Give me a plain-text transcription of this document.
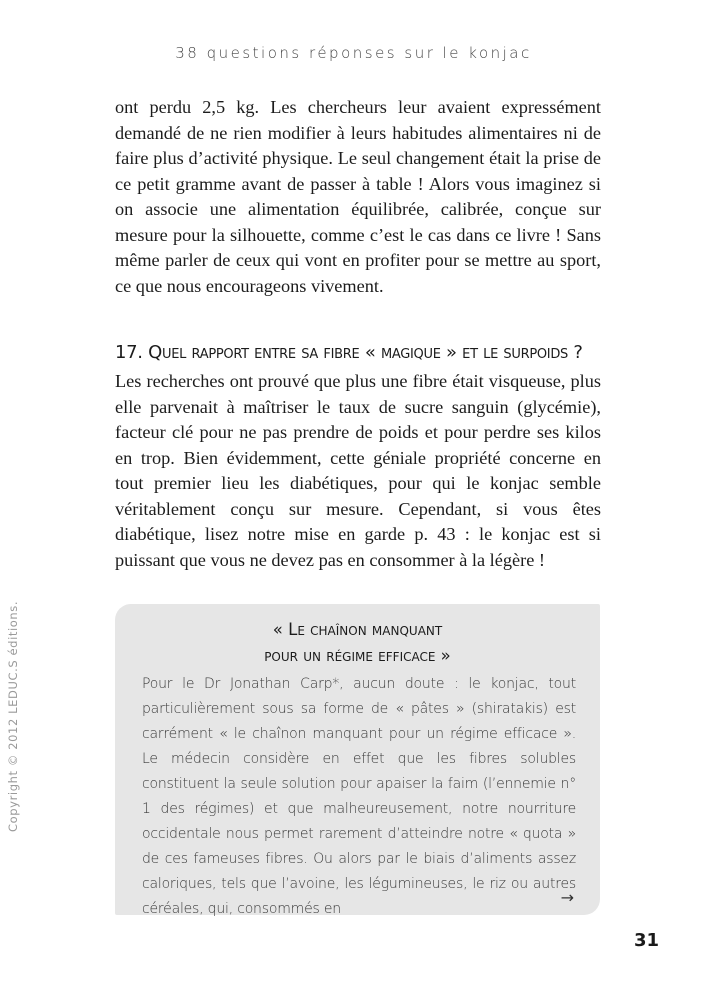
38 questions réponses sur le konjac
ont perdu 2,5 kg. Les chercheurs leur avaient expressément demandé de ne rien modifier à leurs habitudes alimentaires ni de faire plus d’activité physique. Le seul changement était la prise de ce petit gramme avant de passer à table ! Alors vous imaginez si on associe une alimentation équilibrée, calibrée, conçue sur mesure pour la silhouette, comme c’est le cas dans ce livre ! Sans même parler de ceux qui vont en profiter pour se mettre au sport, ce que nous encourageons vivement.
17. Quel rapport entre sa fibre « magique » et le surpoids ?
Les recherches ont prouvé que plus une fibre était visqueuse, plus elle parvenait à maîtriser le taux de sucre sanguin (glycémie), facteur clé pour ne pas prendre de poids et pour perdre ses kilos en trop. Bien évidemment, cette géniale propriété concerne en tout premier lieu les diabétiques, pour qui le konjac semble véritablement conçu sur mesure. Cependant, si vous êtes diabétique, lisez notre mise en garde p. 43 : le konjac est si puissant que vous ne devez pas en consommer à la légère !
Copyright © 2012 LEDUC.S éditions.	« Le chaînon manquant
pour un régime efficace »
Pour le Dr Jonathan Carp*, aucun doute : le konjac, tout particulièrement sous sa forme de « pâtes » (shiratakis) est carrément « le chaînon manquant pour un régime efficace ». Le médecin considère en effet que les fibres solubles constituent la seule solution pour apaiser la faim (l’ennemie n° 1 des régimes) et que malheureusement, notre nourriture occidentale nous permet rarement d’atteindre notre « quota » de ces fameuses fibres. Ou alors par le biais d’aliments assez caloriques, tels que l’avoine, les légumineuses, le riz ou autres céréales, qui, consommés en
→
31
